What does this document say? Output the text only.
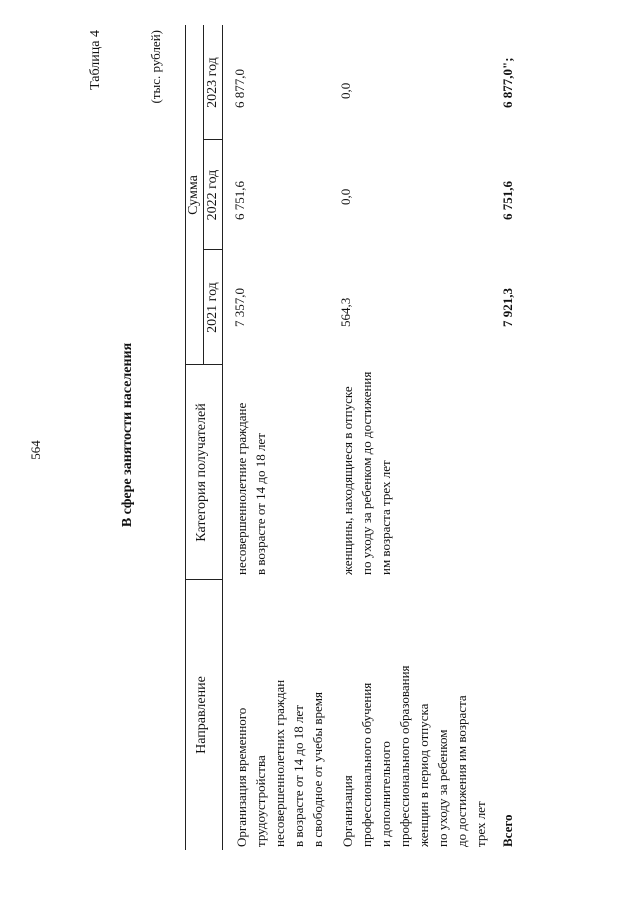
564
Таблица 4
В сфере занятости населения
(тыс. рублей)
Направление
Категория получателей
Сумма
2021 год
2022 год
2023 год
Организация временного
трудоустройства
несовершеннолетних граждан
в возрасте от 14 до 18 лет
в свободное от учебы время
несовершеннолетние граждане
в возрасте от 14 до 18 лет
7 357,0
6 751,6
6 877,0
Организация
профессионального обучения
и дополнительного
профессионального образования
женщин в период отпуска
по уходу за ребенком
до достижения им возраста
трех лет
женщины, находящиеся в отпуске
по уходу за ребенком до достижения
им возраста трех лет
564,3
0,0
0,0
Всего
7 921,3
6 751,6
6 877,0";
